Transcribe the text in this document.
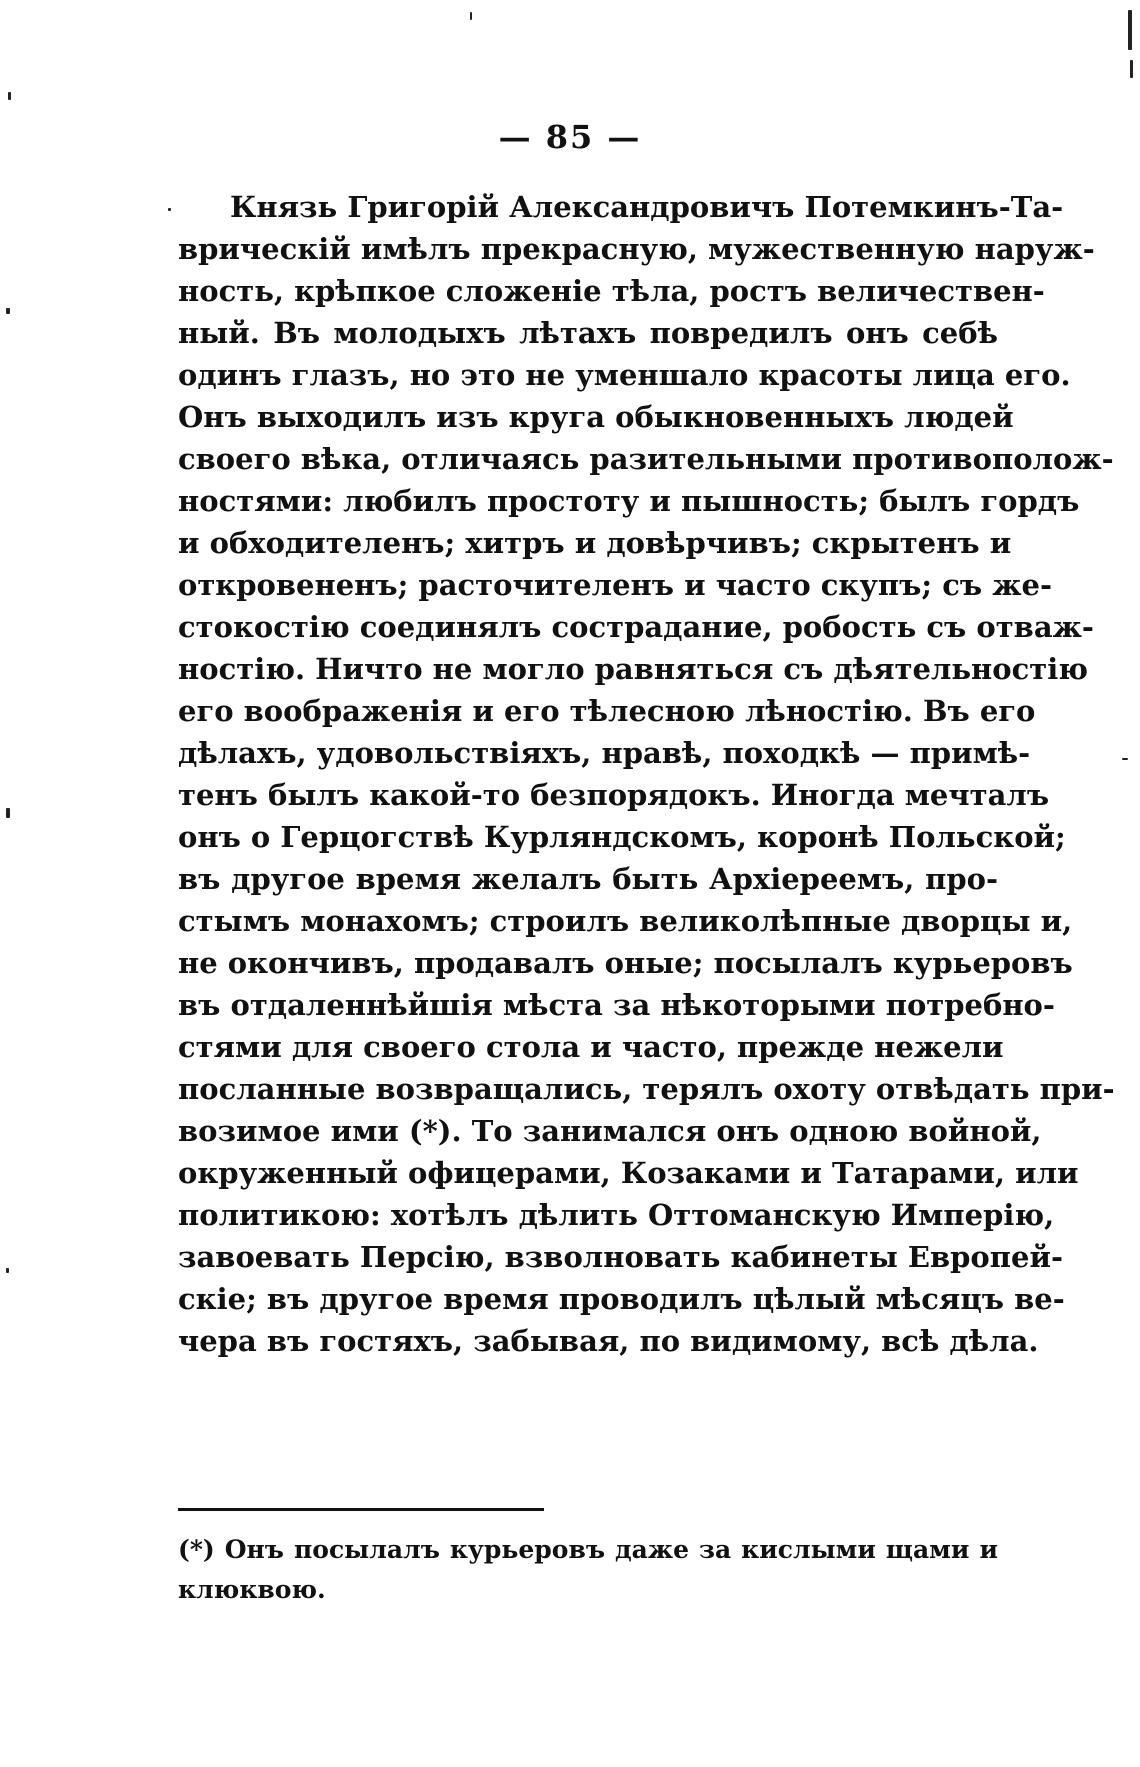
— 85 —
Князь Григорій Александровичъ Потемкинъ-Та-
врическій имѣлъ прекрасную, мужественную наруж-
ность, крѣпкое сложеніе тѣла, ростъ величествен-
ный. Въ молодыхъ лѣтахъ повредилъ онъ себѣ
одинъ глазъ, но это не уменшало красоты лица его.
Онъ выходилъ изъ круга обыкновенныхъ людей
своего вѣка, отличаясь разительными противополож-
ностями: любилъ простоту и пышность; былъ гордъ
и обходителенъ; хитръ и довѣрчивъ; скрытенъ и
откровененъ; расточителенъ и часто скупъ; съ же-
стокостію соединялъ сострадание, робость съ отваж-
ностію. Ничто не могло равняться съ дѣятельностію
его воображенія и его тѣлесною лѣностію. Въ его
дѣлахъ, удовольствіяхъ, нравѣ, походкѣ — примѣ-
тенъ былъ какой-то безпорядокъ. Иногда мечталъ
онъ о Герцогствѣ Курляндскомъ, коронѣ Польской;
въ другое время желалъ быть Архіереемъ, про-
стымъ монахомъ; строилъ великолѣпные дворцы и,
не окончивъ, продавалъ оные; посылалъ курьеровъ
въ отдаленнѣйшія мѣста за нѣкоторыми потребно-
стями для своего стола и часто, прежде нежели
посланные возвращались, терялъ охоту отвѣдать при-
возимое ими (*). То занимался онъ одною войной,
окруженный офицерами, Козаками и Татарами, или
политикою: хотѣлъ дѣлить Оттоманскую Имперію,
завоевать Персію, взволновать кабинеты Европей-
скіе; въ другое время проводилъ цѣлый мѣсяцъ ве-
чера въ гостяхъ, забывая, по видимому, всѣ дѣла.
(*) Онъ посылалъ курьеровъ даже за кислыми щами и
клюквою.
